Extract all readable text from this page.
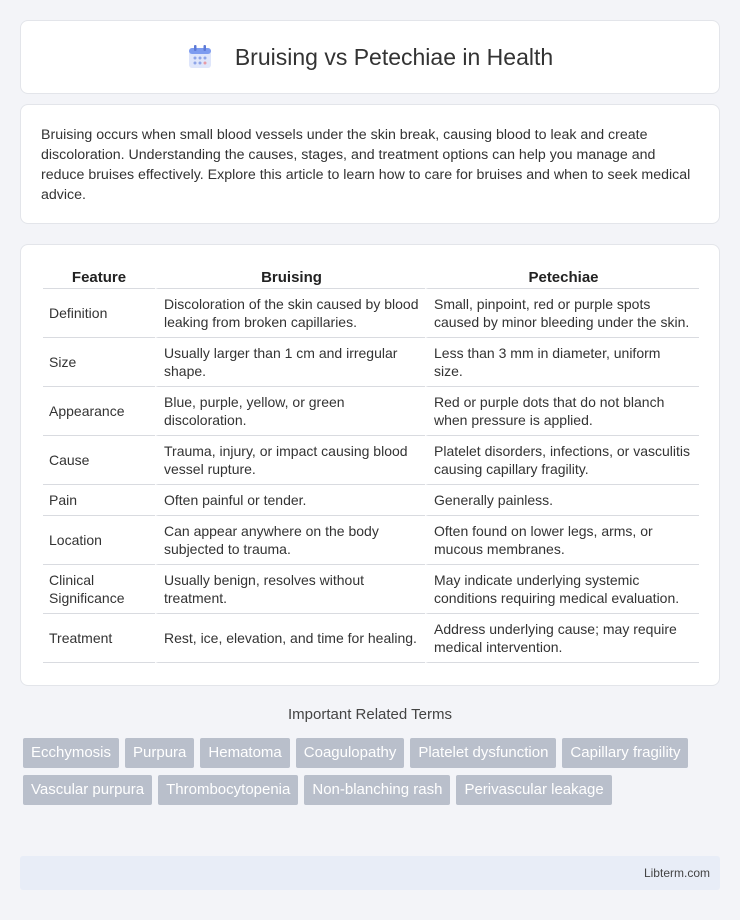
Bruising vs Petechiae in Health

Bruising occurs when small blood vessels under the skin break, causing blood to leak and create discoloration. Understanding the causes, stages, and treatment options can help you manage and reduce bruises effectively. Explore this article to learn how to care for bruises and when to seek medical advice.

Feature	Bruising	Petechiae
Definition	Discoloration of the skin caused by blood leaking from broken capillaries.	Small, pinpoint, red or purple spots caused by minor bleeding under the skin.
Size	Usually larger than 1 cm and irregular shape.	Less than 3 mm in diameter, uniform size.
Appearance	Blue, purple, yellow, or green discoloration.	Red or purple dots that do not blanch when pressure is applied.
Cause	Trauma, injury, or impact causing blood vessel rupture.	Platelet disorders, infections, or vasculitis causing capillary fragility.
Pain	Often painful or tender.	Generally painless.
Location	Can appear anywhere on the body subjected to trauma.	Often found on lower legs, arms, or mucous membranes.
Clinical Significance	Usually benign, resolves without treatment.	May indicate underlying systemic conditions requiring medical evaluation.
Treatment	Rest, ice, elevation, and time for healing.	Address underlying cause; may require medical intervention.
Important Related Terms
Ecchymosis	Purpura	Hematoma	Coagulopathy	Platelet dysfunction	Capillary fragility
Vascular purpura	Thrombocytopenia	Non-blanching rash	Perivascular leakage
Libterm.com
